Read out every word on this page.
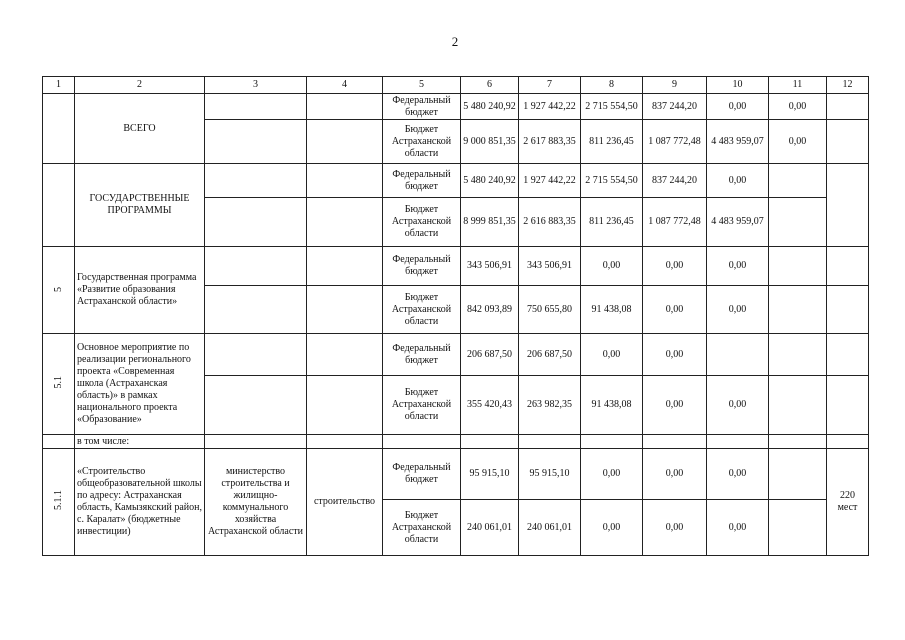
2
1	2	3	4	5	6	7	8	9	10	11	12
	ВСЕГО			Федеральный бюджет	5 480 240,92	1 927 442,22	2 715 554,50	837 244,20	0,00	0,00	
				Бюджет Астраханской области	9 000 851,35	2 617 883,35	811 236,45	1 087 772,48	4 483 959,07	0,00	
	ГОСУДАРСТВЕННЫЕ ПРОГРАММЫ			Федеральный бюджет	5 480 240,92	1 927 442,22	2 715 554,50	837 244,20	0,00		
				Бюджет Астраханской области	8 999 851,35	2 616 883,35	811 236,45	1 087 772,48	4 483 959,07		
5	Государственная программа «Развитие образования Астраханской области»			Федеральный бюджет	343 506,91	343 506,91	0,00	0,00	0,00		
				Бюджет Астраханской области	842 093,89	750 655,80	91 438,08	0,00	0,00		
5.1	Основное мероприятие по реализации регионального проекта «Современная школа (Астраханская область)» в рамках национального проекта «Образование»			Федеральный бюджет	206 687,50	206 687,50	0,00	0,00			
				Бюджет Астраханской области	355 420,43	263 982,35	91 438,08	0,00	0,00		
	в том числе:										
5.1.1	«Строительство общеобразовательной школы по адресу: Астраханская область, Камызякский район, с. Каралат» (бюджетные инвестиции)	министерство строительства и жилищно-коммунального хозяйства Астраханской области	строительство	Федеральный бюджет	95 915,10	95 915,10	0,00	0,00	0,00		220 мест
				Бюджет Астраханской области	240 061,01	240 061,01	0,00	0,00	0,00		
